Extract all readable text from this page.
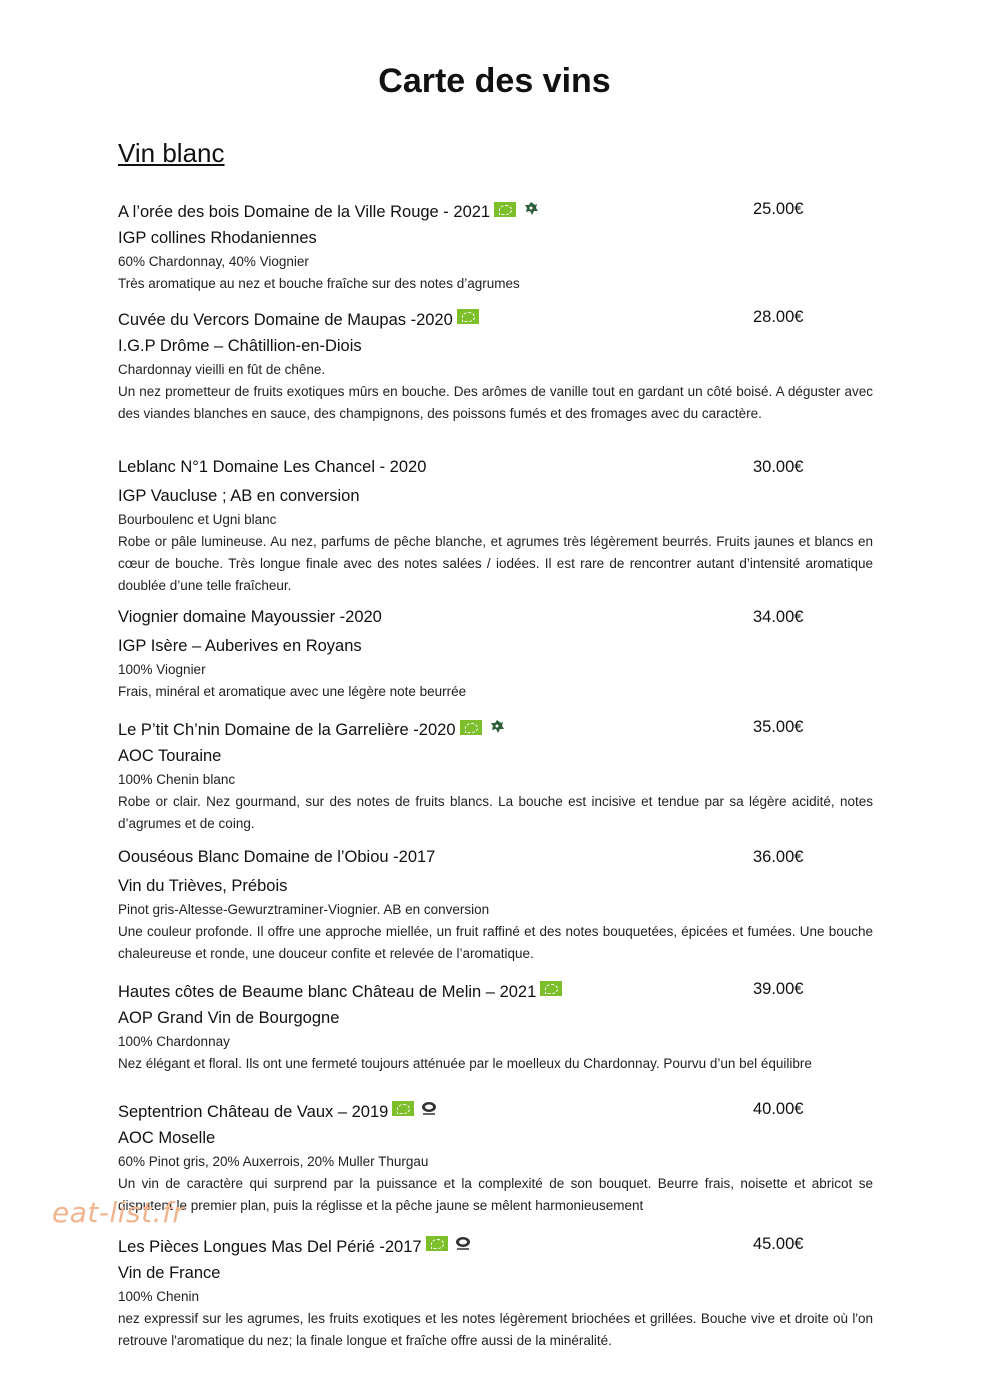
Carte des vins
Vin blanc
A l’orée des bois Domaine de la Ville Rouge - 2021	25.00€
IGP collines Rhodaniennes
60% Chardonnay, 40% Viognier
Très aromatique au nez et bouche fraîche sur des notes d’agrumes
Cuvée du Vercors Domaine de Maupas -2020	28.00€
I.G.P Drôme – Châtillion-en-Diois
Chardonnay vieilli en fût de chêne.
Un nez prometteur de fruits exotiques mûrs en bouche. Des arômes de vanille tout en gardant un côté boisé. A déguster avec des viandes blanches en sauce, des champignons, des poissons fumés et des fromages avec du caractère.
Leblanc N°1 Domaine Les Chancel - 2020	30.00€
IGP Vaucluse ; AB en conversion
Bourboulenc et Ugni blanc
Robe or pâle lumineuse. Au nez, parfums de pêche blanche, et agrumes très légèrement beurrés. Fruits jaunes et blancs en cœur de bouche. Très longue finale avec des notes salées / iodées. Il est rare de rencontrer autant d’intensité aromatique doublée d’une telle fraîcheur.
Viognier domaine Mayoussier -2020	34.00€
IGP Isère – Auberives en Royans
100% Viognier
Frais, minéral et aromatique avec une légère note beurrée
Le P’tit Ch’nin Domaine de la Garrelière -2020	35.00€
AOC Touraine
100% Chenin blanc
Robe or clair. Nez gourmand, sur des notes de fruits blancs. La bouche est incisive et tendue par sa légère acidité, notes d’agrumes et de coing.
Oouséous Blanc Domaine de l’Obiou -2017	36.00€
Vin du Trièves, Prébois
Pinot gris-Altesse-Gewurztraminer-Viognier. AB en conversion
Une couleur profonde. Il offre une approche miellée, un fruit raffiné et des notes bouquetées, épicées et fumées. Une bouche chaleureuse et ronde, une douceur confite et relevée de l’aromatique.
Hautes côtes de Beaume blanc Château de Melin – 2021	39.00€
AOP Grand Vin de Bourgogne
100% Chardonnay
Nez élégant et floral. Ils ont une fermeté toujours atténuée par le moelleux du Chardonnay. Pourvu d’un bel équilibre
Septentrion Château de Vaux – 2019	40.00€
AOC Moselle
60% Pinot gris, 20% Auxerrois, 20% Muller Thurgau
Un vin de caractère qui surprend par la puissance et la complexité de son bouquet. Beurre frais, noisette et abricot se disputent le premier plan, puis la réglisse et la pêche jaune se mêlent harmonieusement
Les Pièces Longues Mas Del Périé -2017	45.00€
Vin de France
100% Chenin
nez expressif sur les agrumes, les fruits exotiques et les notes légèrement briochées et grillées. Bouche vive et droite où l'on retrouve l'aromatique du nez; la finale longue et fraîche offre aussi de la minéralité.
eat-list.fr
